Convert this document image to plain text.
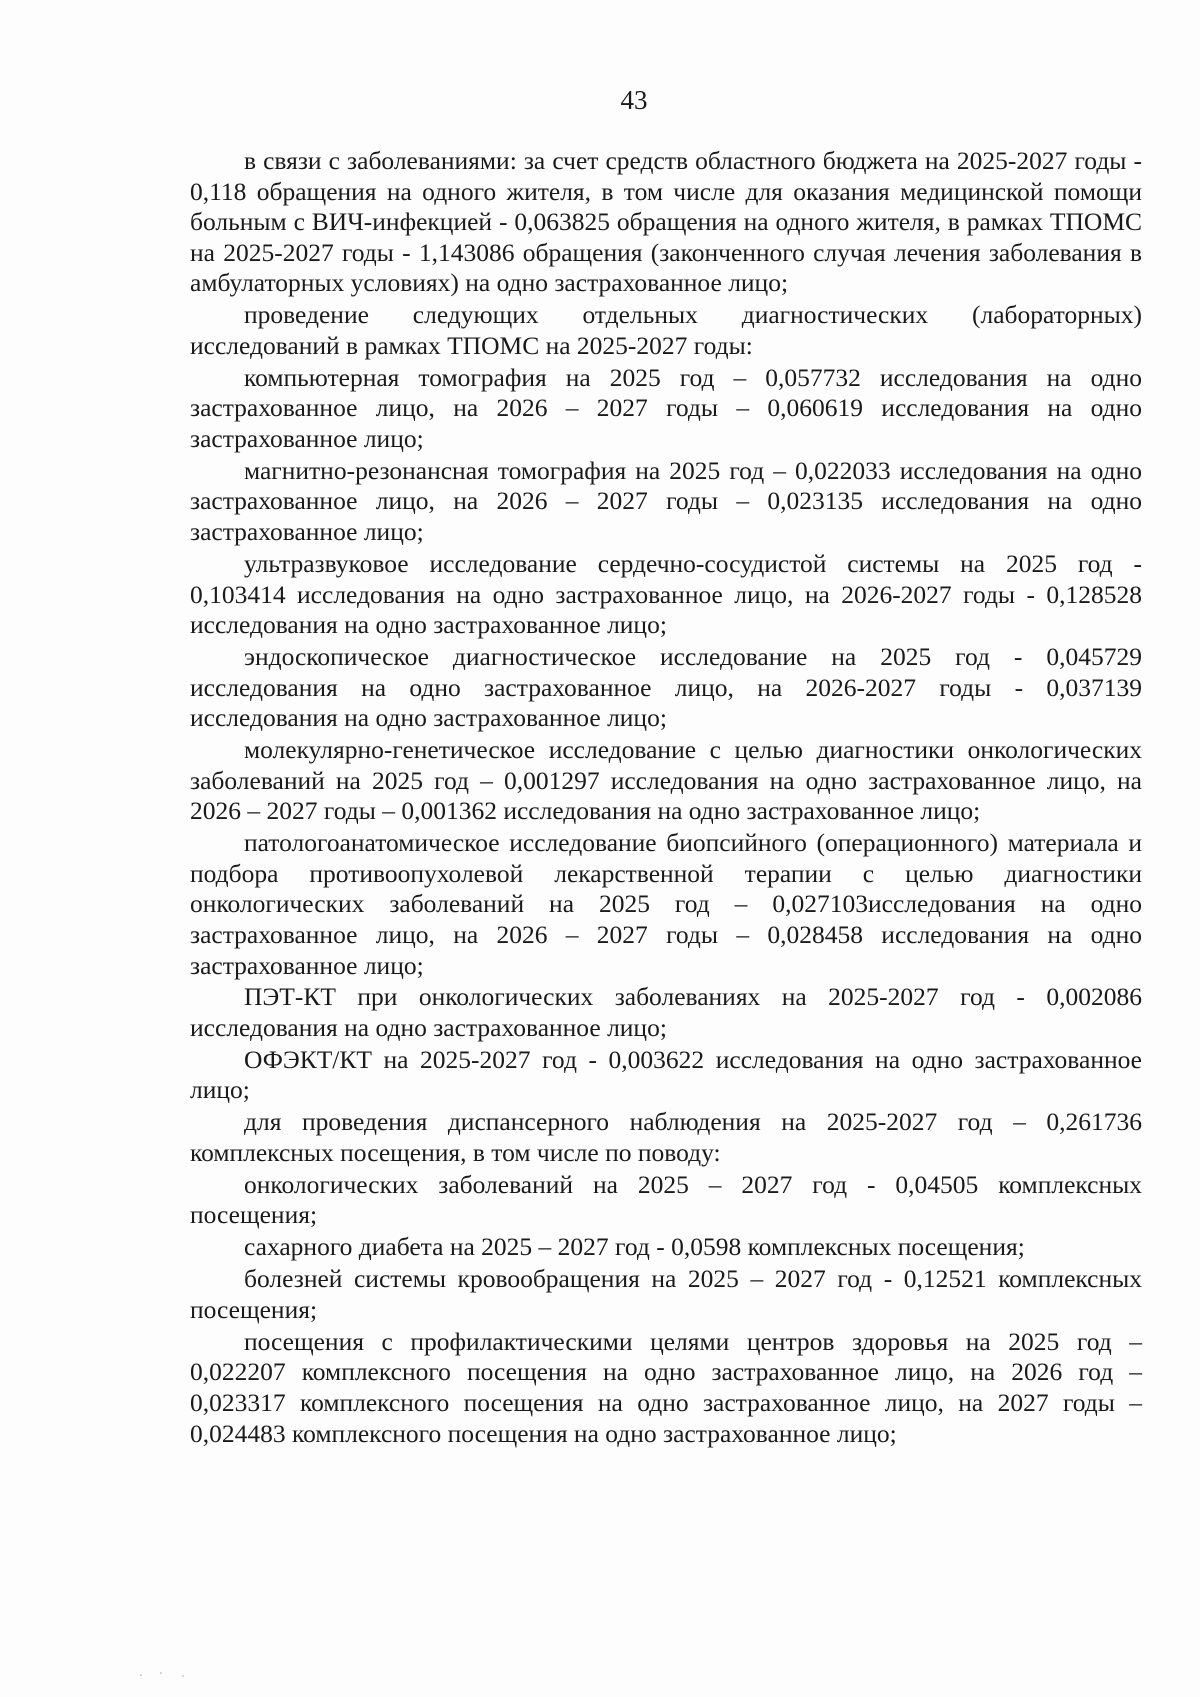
43

в связи с заболеваниями: за счет средств областного бюджета на 2025-2027 годы - 0,118 обращения на одного жителя, в том числе для оказания медицинской помощи больным с ВИЧ-инфекцией - 0,063825 обращения на одного жителя, в рамках ТПОМС на 2025-2027 годы - 1,143086 обращения (законченного случая лечения заболевания в амбулаторных условиях) на одно застрахованное лицо;

проведение следующих отдельных диагностических (лабораторных) исследований в рамках ТПОМС на 2025-2027 годы:

компьютерная томография на 2025 год – 0,057732 исследования на одно застрахованное лицо, на 2026 – 2027 годы – 0,060619 исследования на одно застрахованное лицо;

магнитно-резонансная томография на 2025 год – 0,022033 исследования на одно застрахованное лицо, на 2026 – 2027 годы – 0,023135 исследования на одно застрахованное лицо;

ультразвуковое исследование сердечно-сосудистой системы на 2025 год - 0,103414 исследования на одно застрахованное лицо, на 2026-2027 годы - 0,128528 исследования на одно застрахованное лицо;

эндоскопическое диагностическое исследование на 2025 год - 0,045729 исследования на одно застрахованное лицо, на 2026-2027 годы - 0,037139 исследования на одно застрахованное лицо;

молекулярно-генетическое исследование с целью диагностики онкологических заболеваний на 2025 год – 0,001297 исследования на одно застрахованное лицо, на 2026 – 2027 годы – 0,001362 исследования на одно застрахованное лицо;

патологоанатомическое исследование биопсийного (операционного) материала и подбора противоопухолевой лекарственной терапии с целью диагностики онкологических заболеваний на 2025 год – 0,027103исследования на одно застрахованное лицо, на 2026 – 2027 годы – 0,028458 исследования на одно застрахованное лицо;

ПЭТ-КТ при онкологических заболеваниях на 2025-2027 год - 0,002086 исследования на одно застрахованное лицо;

ОФЭКТ/КТ на 2025-2027 год - 0,003622 исследования на одно застрахованное лицо;

для проведения диспансерного наблюдения на 2025-2027 год – 0,261736 комплексных посещения, в том числе по поводу:

онкологических заболеваний на 2025 – 2027 год - 0,04505 комплексных посещения;

сахарного диабета на 2025 – 2027 год - 0,0598 комплексных посещения;

болезней системы кровообращения на 2025 – 2027 год - 0,12521 комплексных посещения;

посещения с профилактическими целями центров здоровья на 2025 год – 0,022207 комплексного посещения на одно застрахованное лицо, на 2026 год – 0,023317 комплексного посещения на одно застрахованное лицо, на 2027 годы – 0,024483 комплексного посещения на одно застрахованное лицо;
